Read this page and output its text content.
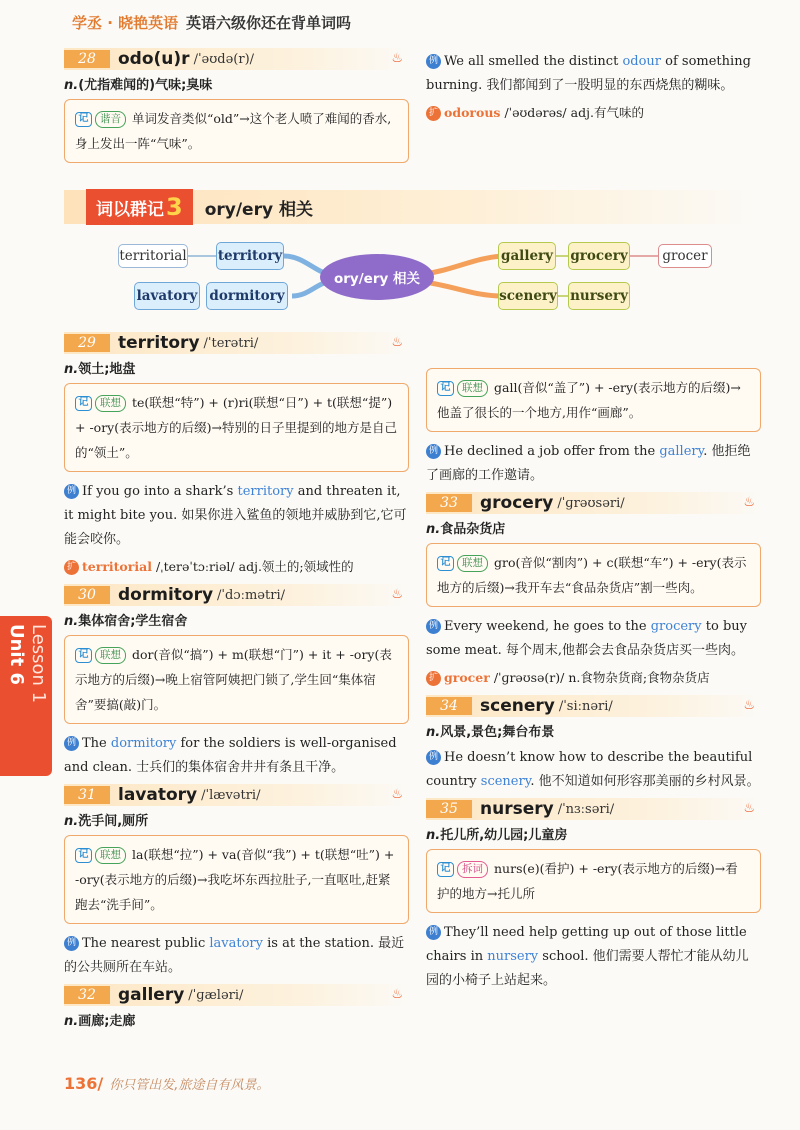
学丞 · 晓艳英语 英语六级你还在背单词吗
28	odo(u)r /ˈəʊdə(r)/	♨
n.(尤指难闻的)气味;臭味
记 谐音 单词发音类似“old”→这个老人喷了难闻的香水,身上发出一阵“气味”。
例 We all smelled the distinct odour of something burning. 我们都闻到了一股明显的东西烧焦的糊味。
扩 odorous /ˈəʊdərəs/ adj.有气味的
词以群记3	ory/ery 相关
territorial territory
lavatory dormitory
ory/ery 相关
gallery grocery	grocer
scenery nursery
29	territory /ˈterətri/	♨
n.领土;地盘
记 联想 te(联想“特”) + (r)ri(联想“日”) + t(联想“提”) + -ory(表示地方的后缀)→特别的日子里提到的地方是自己的“领土”。
例 If you go into a shark’s territory and threaten it, it might bite you. 如果你进入鲨鱼的领地并威胁到它,它可能会咬你。
扩 territorial /ˌterəˈtɔːriəl/ adj.领土的;领域性的
30	dormitory /ˈdɔːmətri/	♨
n.集体宿舍;学生宿舍
记 联想 dor(音似“搞”) + m(联想“门”) + it + -ory(表示地方的后缀)→晚上宿管阿姨把门锁了,学生回“集体宿舍”要搞(敲)门。
例 The dormitory for the soldiers is well-organised and clean. 士兵们的集体宿舍井井有条且干净。
31	lavatory /ˈlævətri/	♨
n.洗手间,厕所
记 联想 la(联想“拉”) + va(音似“我”) + t(联想“吐”) + -ory(表示地方的后缀)→我吃坏东西拉肚子,一直呕吐,赶紧跑去“洗手间”。
例 The nearest public lavatory is at the station. 最近的公共厕所在车站。
32	gallery /ˈɡæləri/	♨
n.画廊;走廊
记 联想 gall(音似“盖了”) + -ery(表示地方的后缀)→他盖了很长的一个地方,用作“画廊”。
例 He declined a job offer from the gallery. 他拒绝了画廊的工作邀请。
33	grocery /ˈɡrəʊsəri/	♨
n.食品杂货店
记 联想 gro(音似“割肉”) + c(联想“车”) + -ery(表示地方的后缀)→我开车去“食品杂货店”割一些肉。
例 Every weekend, he goes to the grocery to buy some meat. 每个周末,他都会去食品杂货店买一些肉。
扩 grocer /ˈɡrəʊsə(r)/ n.食物杂货商;食物杂货店
34	scenery /ˈsiːnəri/	♨
n.风景,景色;舞台布景
例 He doesn’t know how to describe the beautiful country scenery. 他不知道如何形容那美丽的乡村风景。
35	nursery /ˈnɜːsəri/	♨
n.托儿所,幼儿园;儿童房
记 拆词 nurs(e)(看护) + -ery(表示地方的后缀)→看护的地方→托儿所
例 They’ll need help getting up out of those little chairs in nursery school. 他们需要人帮忙才能从幼儿园的小椅子上站起来。
Unit 6 Lesson 1
136/ 你只管出发,旅途自有风景。
